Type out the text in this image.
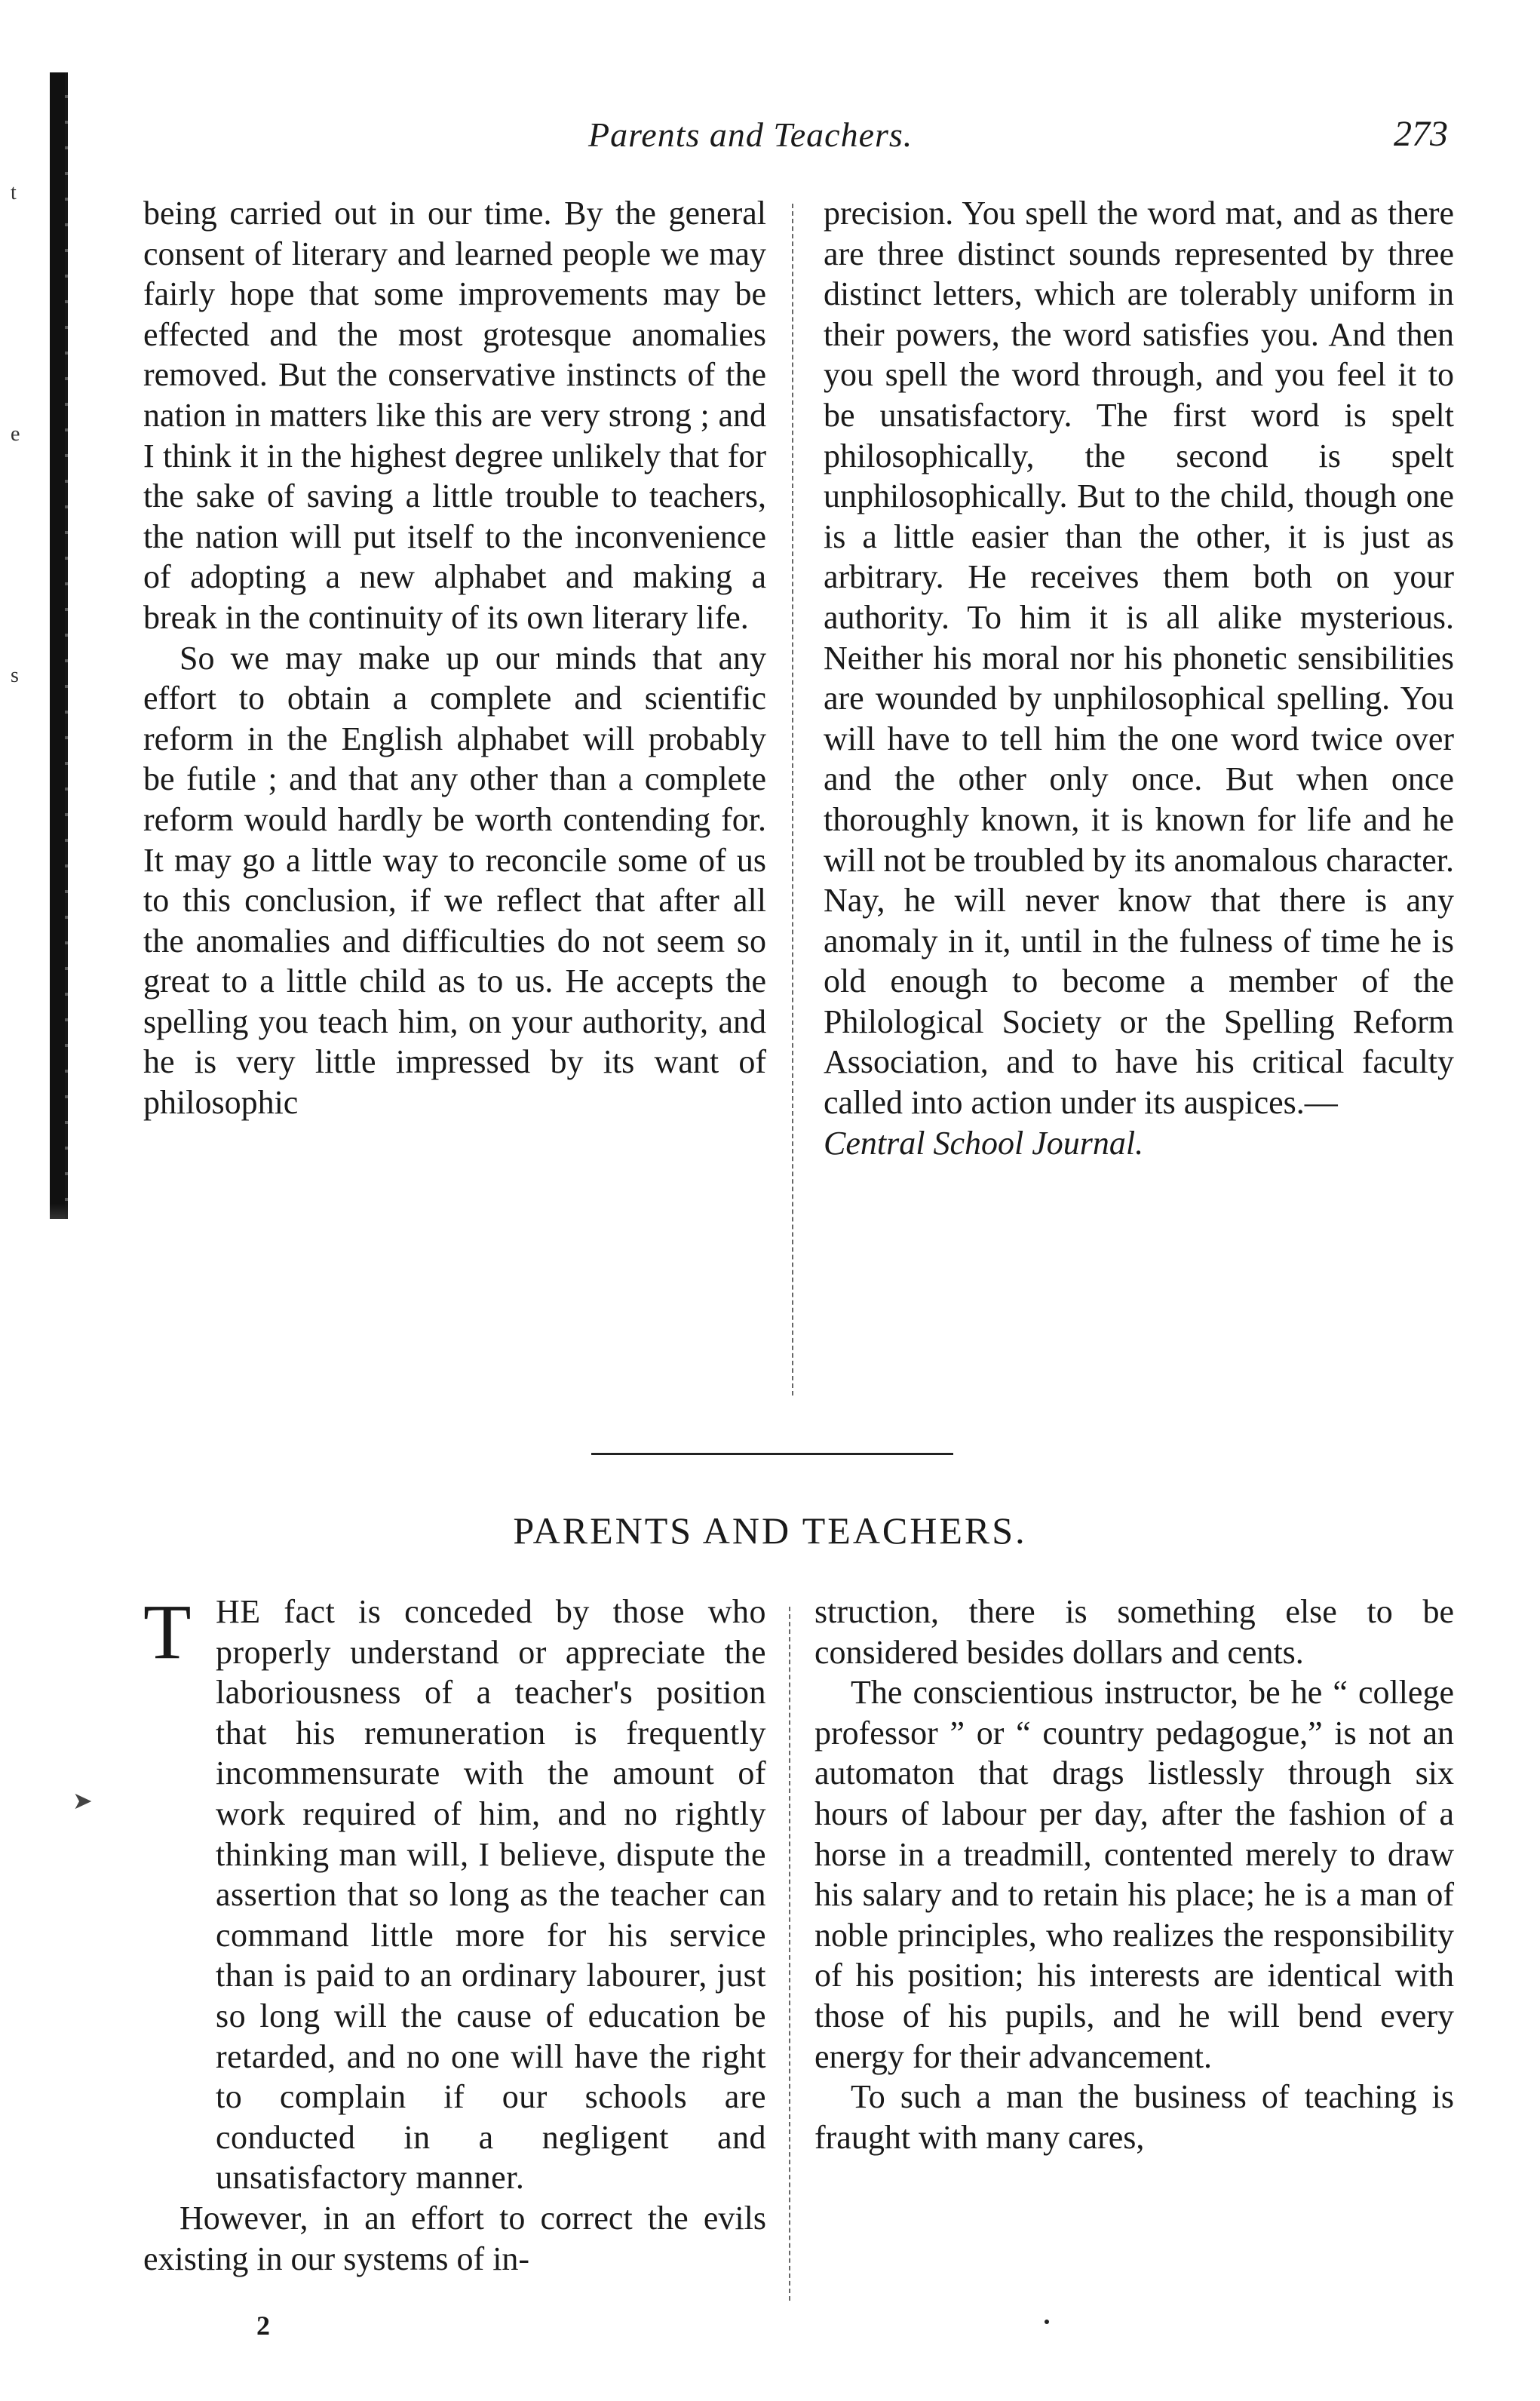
t
e
s
Parents and Teachers.	273

being carried out in our time. By the general consent of literary and learned people we may fairly hope that some improvements may be effected and the most grotesque anomalies removed. But the conservative instincts of the nation in matters like this are very strong ; and I think it in the highest degree unlikely that for the sake of saving a little trouble to teachers, the nation will put itself to the inconvenience of adopting a new alphabet and making a break in the continuity of its own literary life.

So we may make up our minds that any effort to obtain a complete and scientific reform in the English alphabet will probably be futile ; and that any other than a complete reform would hardly be worth contending for. It may go a little way to reconcile some of us to this conclusion, if we reflect that after all the anomalies and difficulties do not seem so great to a little child as to us. He accepts the spelling you teach him, on your authority, and he is very little impressed by its want of philosophic

precision. You spell the word mat, and as there are three distinct sounds represented by three distinct letters, which are tolerably uniform in their powers, the word satisfies you. And then you spell the word through, and you feel it to be unsatisfactory. The first word is spelt philosophically, the second is spelt unphilosophically. But to the child, though one is a little easier than the other, it is just as arbitrary. He receives them both on your authority. To him it is all alike mysterious. Neither his moral nor his phonetic sensibilities are wounded by unphilosophical spelling. You will have to tell him the one word twice over and the other only once. But when once thoroughly known, it is known for life and he will not be troubled by its anomalous character. Nay, he will never know that there is any anomaly in it, until in the fulness of time he is old enough to become a member of the Philological Society or the Spelling Reform Association, and to have his critical faculty called into action under its auspices.—

Central School Journal.

PARENTS AND TEACHERS.
➤
T HE fact is conceded by those who properly understand or appreciate the laboriousness of a teacher's position that his remuneration is frequently incommensurate with the amount of work required of him, and no rightly thinking man will, I believe, dispute the assertion that so long as the teacher can command little more for his service than is paid to an ordinary labourer, just so long will the cause of education be retarded, and no one will have the right to complain if our schools are conducted in a negligent and unsatisfactory manner.

However, in an effort to correct the evils existing in our systems of in-

struction, there is something else to be considered besides dollars and cents.

The conscientious instructor, be he “ college professor ” or “ country pedagogue,” is not an automaton that drags listlessly through six hours of labour per day, after the fashion of a horse in a treadmill, contented merely to draw his salary and to retain his place; he is a man of noble principles, who realizes the responsibility of his position; his interests are identical with those of his pupils, and he will bend every energy for their advancement.

To such a man the business of teaching is fraught with many cares,

2
